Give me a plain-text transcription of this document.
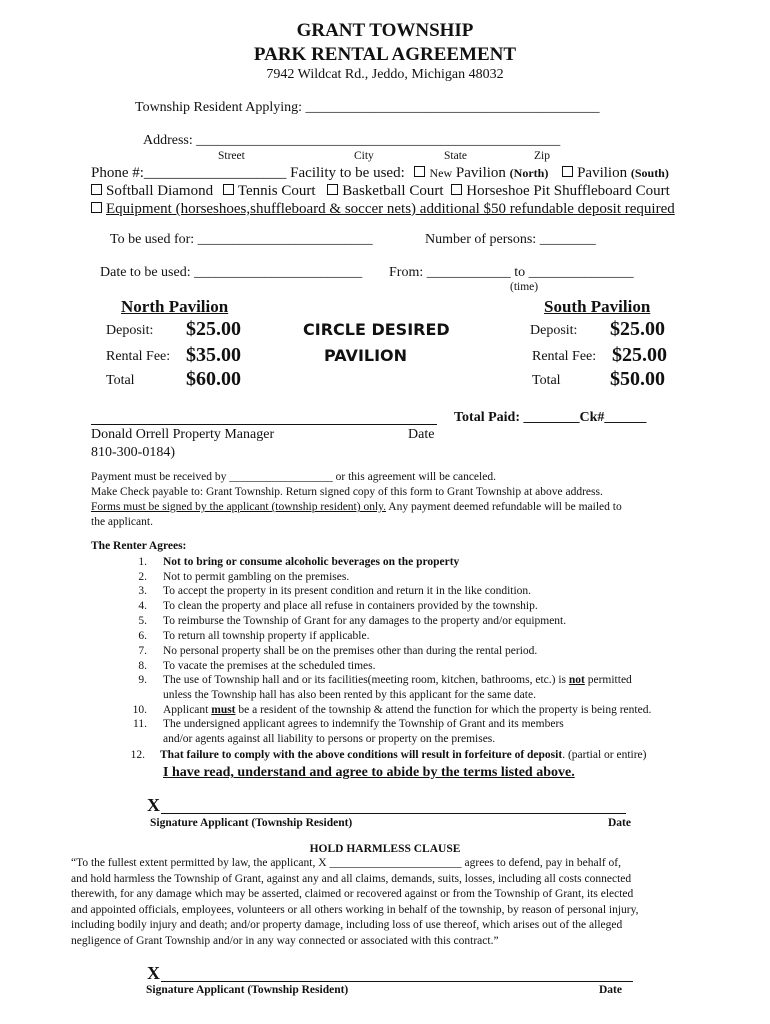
GRANT TOWNSHIP
PARK RENTAL AGREEMENT
7942 Wildcat Rd., Jeddo, Michigan 48032
Township Resident Applying: __________________________________________
Address: ____________________________________________________
Street	City	State	Zip
Phone #:___________________ Facility to be used: New Pavilion (North) Pavilion (South)
Softball Diamond Tennis Court Basketball Court Horseshoe Pit Shuffleboard Court
Equipment (horseshoes,shuffleboard & soccer nets) additional $50 refundable deposit required
To be used for: _________________________	Number of persons: ________
Date to be used: ________________________ From: ____________ to _______________
(time)
North Pavilion
Deposit: $25.00
Rental Fee: $35.00
Total	$60.00
CIRCLE DESIRED
PAVILION
South Pavilion
Deposit: $25.00
Rental Fee: $25.00
Total $50.00
Total Paid: ________Ck#______
Donald Orrell Property Manager	Date
810-300-0184)
Payment must be received by __________________ or this agreement will be canceled.
Make Check payable to: Grant Township. Return signed copy of this form to Grant Township at above address.
Forms must be signed by the applicant (township resident) only. Any payment deemed refundable will be mailed to
the applicant.
The Renter Agrees:
1. Not to bring or consume alcoholic beverages on the property
2. Not to permit gambling on the premises.
3. To accept the property in its present condition and return it in the like condition.
4. To clean the property and place all refuse in containers provided by the township.
5. To reimburse the Township of Grant for any damages to the property and/or equipment.
6. To return all township property if applicable.
7. No personal property shall be on the premises other than during the rental period.
8. To vacate the premises at the scheduled times.
9. The use of Township hall and or its facilities(meeting room, kitchen, bathrooms, etc.) is not permitted
unless the Township hall has also been rented by this applicant for the same date.
10. Applicant must be a resident of the township & attend the function for which the property is being rented.
11. The undersigned applicant agrees to indemnify the Township of Grant and its members
and/or agents against all liability to persons or property on the premises.
12. That failure to comply with the above conditions will result in forfeiture of deposit. (partial or entire)
I have read, understand and agree to abide by the terms listed above.
X
Signature Applicant (Township Resident)	Date
HOLD HARMLESS CLAUSE
“To the fullest extent permitted by law, the applicant, X _______________________ agrees to defend, pay in behalf of,
and hold harmless the Township of Grant, against any and all claims, demands, suits, losses, including all costs connected
therewith, for any damage which may be asserted, claimed or recovered against or from the Township of Grant, its elected
and appointed officials, employees, volunteers or all others working in behalf of the township, by reason of personal injury,
including bodily injury and death; and/or property damage, including loss of use thereof, which arises out of the alleged
negligence of Grant Township and/or in any way connected or associated with this contract.”
X
Signature Applicant (Township Resident)	Date
